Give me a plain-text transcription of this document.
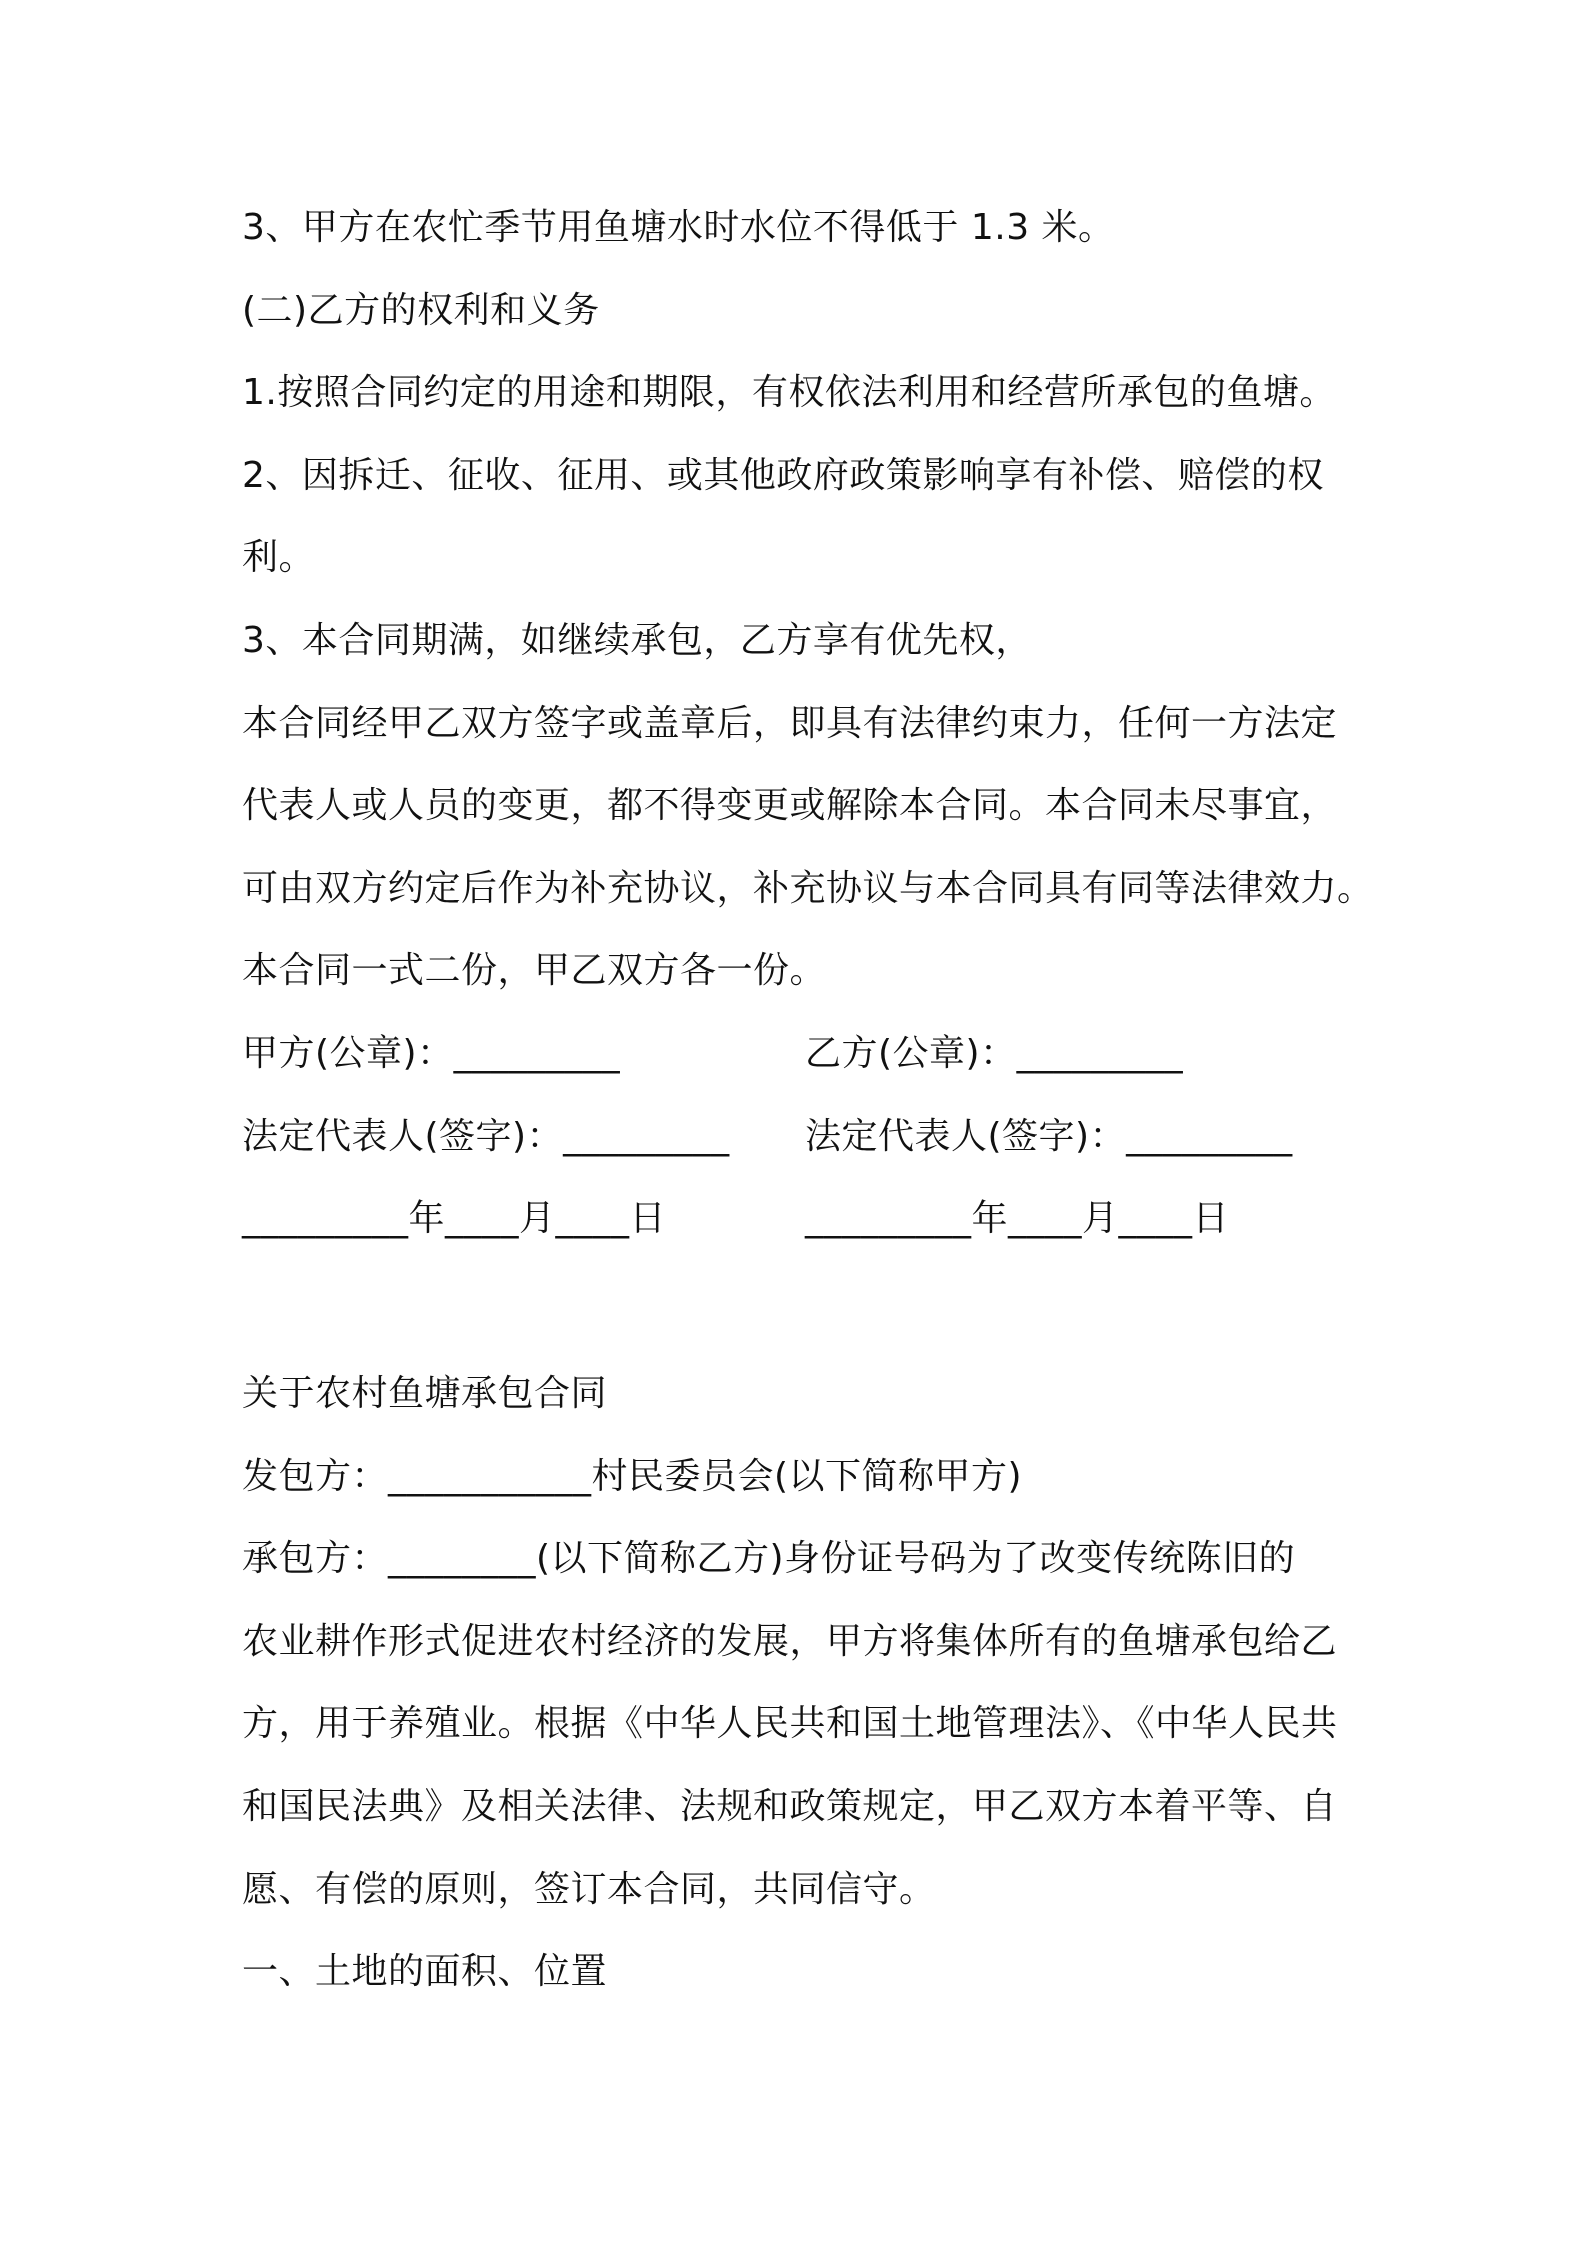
3、甲方在农忙季节用鱼塘水时水位不得低于 1.3 米。
(二)乙方的权利和义务
1.按照合同约定的用途和期限，有权依法利用和经营所承包的鱼塘。
2、因拆迁、征收、征用、或其他政府政策影响享有补偿、赔偿的权
利。
3、本合同期满，如继续承包，乙方享有优先权，
本合同经甲乙双方签字或盖章后，即具有法律约束力，任何一方法定
代表人或人员的变更，都不得变更或解除本合同。本合同未尽事宜，
可由双方约定后作为补充协议，补充协议与本合同具有同等法律效力。
本合同一式二份，甲乙双方各一份。
甲方(公章)：_________	乙方(公章)：_________
法定代表人(签字)：_________ 法定代表人(签字)：_________
_________年____月____日	_________年____月____日
关于农村鱼塘承包合同
发包方：___________村民委员会(以下简称甲方)
承包方：________(以下简称乙方)身份证号码为了改变传统陈旧的
农业耕作形式促进农村经济的发展，甲方将集体所有的鱼塘承包给乙
方，用于养殖业。根据《中华人民共和国土地管理法》、《中华人民共
和国民法典》及相关法律、法规和政策规定，甲乙双方本着平等、自
愿、有偿的原则，签订本合同，共同信守。
一、土地的面积、位置
